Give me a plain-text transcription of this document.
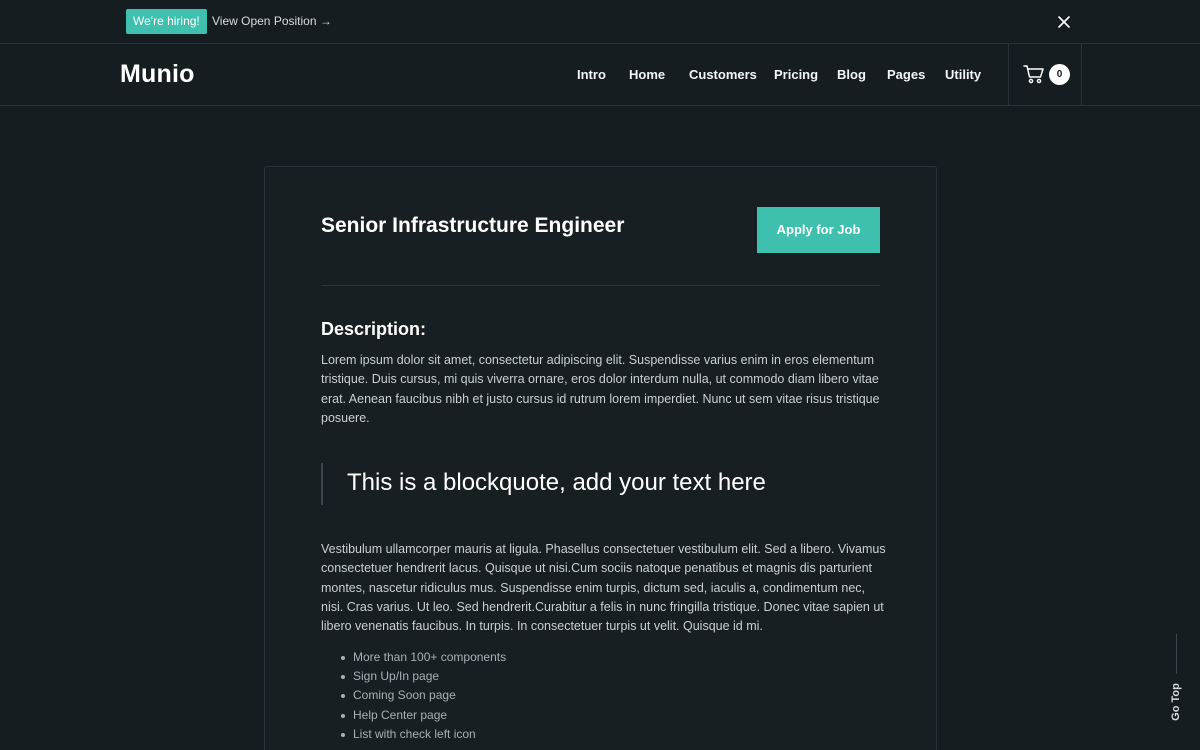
We're hiring!	View Open Position →
Munio	Intro Home Customers Pricing Blog Pages Utility	0
Senior Infrastructure Engineer	Apply for Job
Description:

Lorem ipsum dolor sit amet, consectetur adipiscing elit. Suspendisse varius enim in eros elementum tristique. Duis cursus, mi quis viverra ornare, eros dolor interdum nulla, ut commodo diam libero vitae erat. Aenean faucibus nibh et justo cursus id rutrum lorem imperdiet. Nunc ut sem vitae risus tristique posuere.

This is a blockquote, add your text here

Vestibulum ullamcorper mauris at ligula. Phasellus consectetuer vestibulum elit. Sed a libero. Vivamus consectetuer hendrerit lacus. Quisque ut nisi.Cum sociis natoque penatibus et magnis dis parturient montes, nascetur ridiculus mus. Suspendisse enim turpis, dictum sed, iaculis a, condimentum nec, nisi. Cras varius. Ut leo. Sed hendrerit.Curabitur a felis in nunc fringilla tristique. Donec vitae sapien ut libero venenatis faucibus. In turpis. In consectetuer turpis ut velit. Quisque id mi.

More than 100+ components
Sign Up/In page
Coming Soon page
Help Center page
List with check left icon
Go Top
